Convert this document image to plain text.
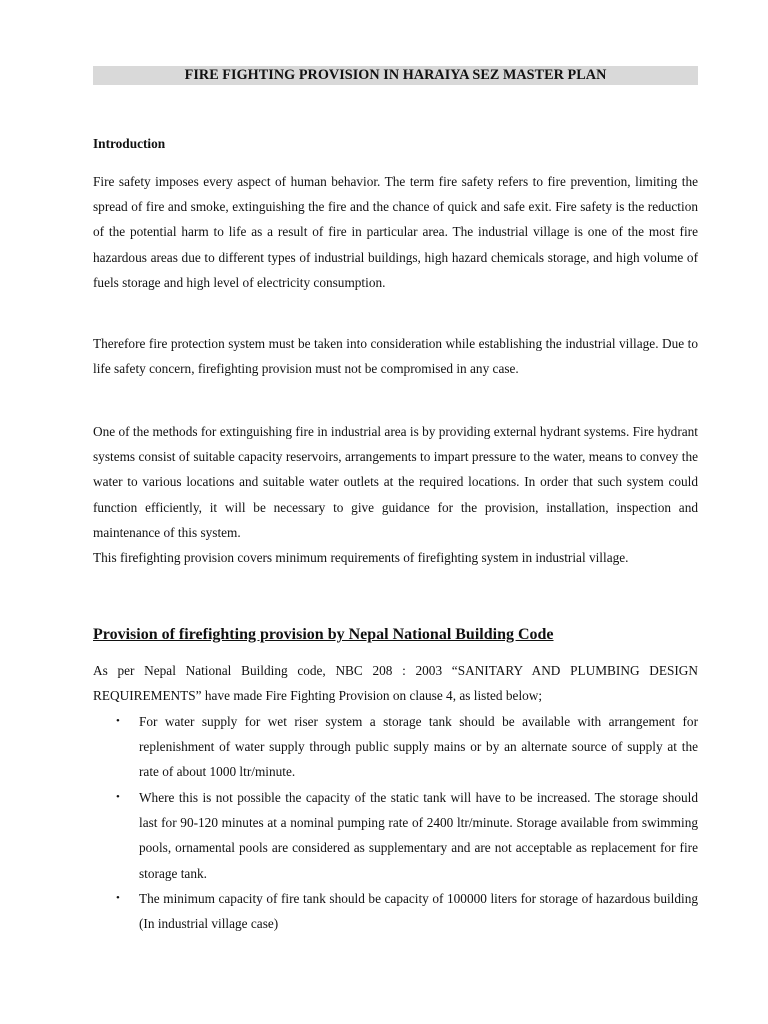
FIRE FIGHTING PROVISION IN HARAIYA SEZ MASTER PLAN
Introduction

Fire safety imposes every aspect of human behavior. The term fire safety refers to fire prevention, limiting the spread of fire and smoke, extinguishing the fire and the chance of quick and safe exit. Fire safety is the reduction of the potential harm to life as a result of fire in particular area. The industrial village is one of the most fire hazardous areas due to different types of industrial buildings, high hazard chemicals storage, and high volume of fuels storage and high level of electricity consumption.

Therefore fire protection system must be taken into consideration while establishing the industrial village. Due to life safety concern, firefighting provision must not be compromised in any case.

One of the methods for extinguishing fire in industrial area is by providing external hydrant systems. Fire hydrant systems consist of suitable capacity reservoirs, arrangements to impart pressure to the water, means to convey the water to various locations and suitable water outlets at the required locations. In order that such system could function efficiently, it will be necessary to give guidance for the provision, installation, inspection and maintenance of this system.

This firefighting provision covers minimum requirements of firefighting system in industrial village.

Provision of firefighting provision by Nepal National Building Code

As per Nepal National Building code, NBC 208 : 2003 “SANITARY AND PLUMBING DESIGN REQUIREMENTS” have made Fire Fighting Provision on clause 4, as listed below;

•	For water supply for wet riser system a storage tank should be available with arrangement for replenishment of water supply through public supply mains or by an alternate source of supply at the rate of about 1000 ltr/minute.
•	Where this is not possible the capacity of the static tank will have to be increased. The storage should last for 90-120 minutes at a nominal pumping rate of 2400 ltr/minute. Storage available from swimming pools, ornamental pools are considered as supplementary and are not acceptable as replacement for fire storage tank.
•	The minimum capacity of fire tank should be capacity of 100000 liters for storage of hazardous building (In industrial village case)
